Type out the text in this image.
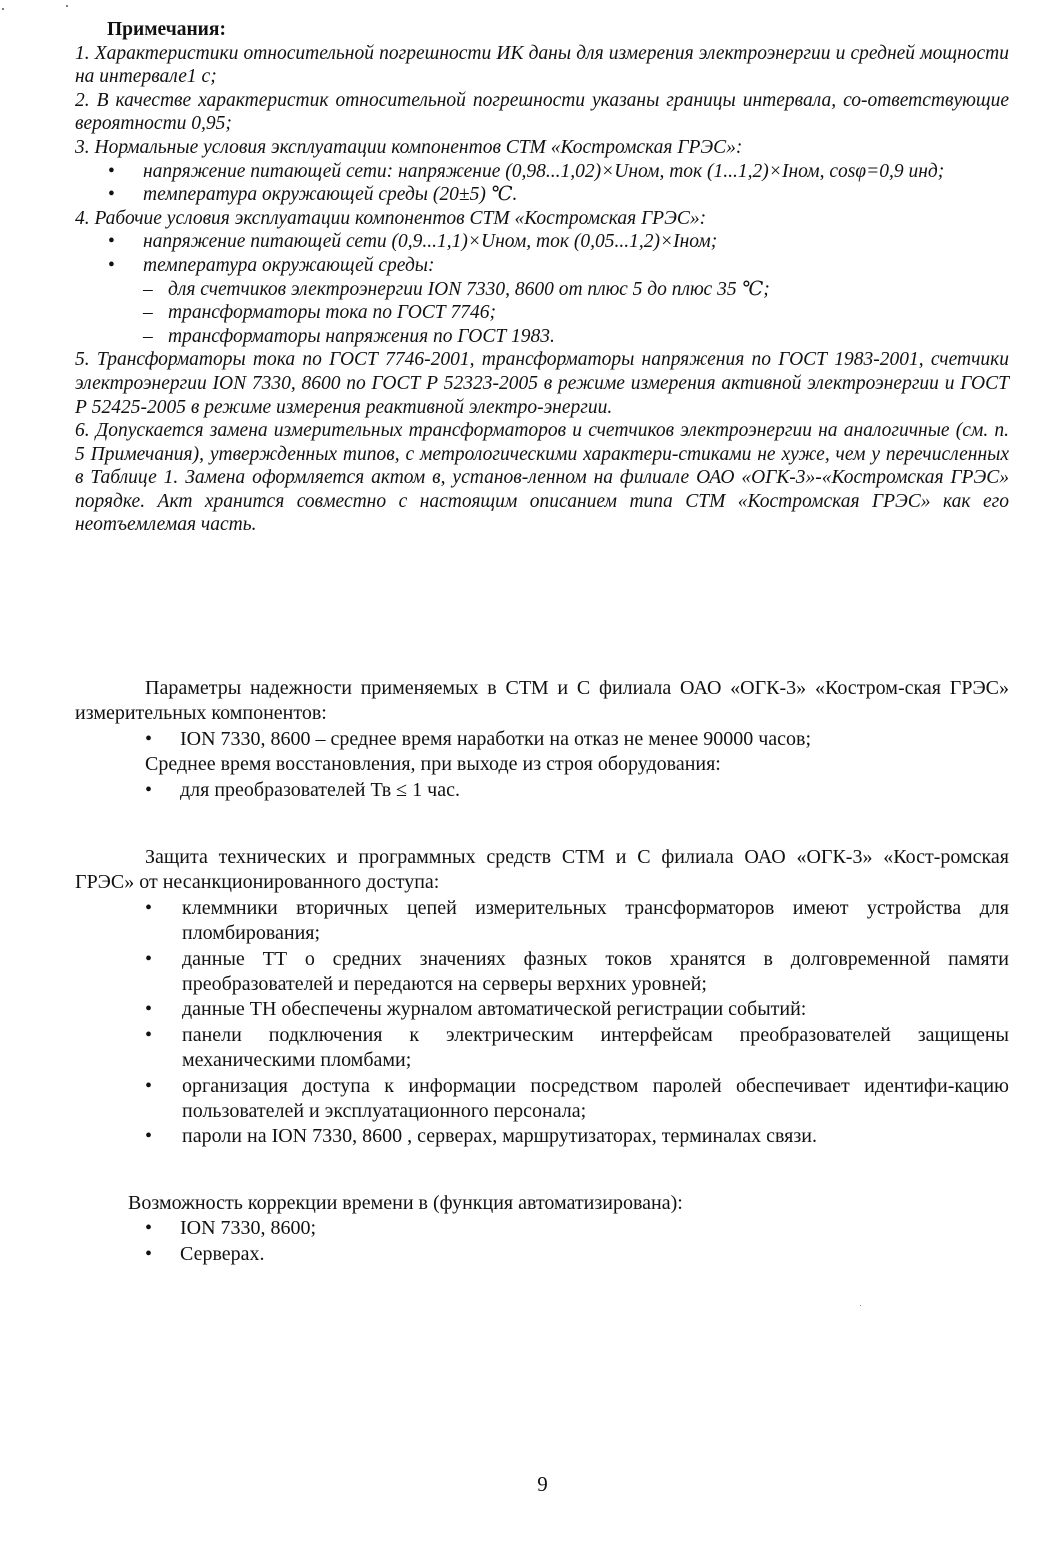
Примечания:

1. Характеристики относительной погрешности ИК даны для измерения электроэнергии и средней мощности на интервале1 с;

2. В качестве характеристик относительной погрешности указаны границы интервала, со-ответствующие вероятности 0,95;

3. Нормальные условия эксплуатации компонентов СТМ «Костромская ГРЭС»:

• напряжение питающей сети: напряжение (0,98...1,02)×Uном, ток (1...1,2)×Iном, cosφ=0,9 инд;
• температура окружающей среды (20±5) ℃.

4. Рабочие условия эксплуатации компонентов СТМ «Костромская ГРЭС»:

• напряжение питающей сети (0,9...1,1)×Uном, ток (0,05...1,2)×Iном;
• температура окружающей среды:
– для счетчиков электроэнергии ION 7330, 8600 от плюс 5 до плюс 35 ℃;
– трансформаторы тока по ГОСТ 7746;
– трансформаторы напряжения по ГОСТ 1983.

5. Трансформаторы тока по ГОСТ 7746-2001, трансформаторы напряжения по ГОСТ 1983-2001, счетчики электроэнергии ION 7330, 8600 по ГОСТ Р 52323-2005 в режиме измерения активной электроэнергии и ГОСТ Р 52425-2005 в режиме измерения реактивной электро-энергии.

6. Допускается замена измерительных трансформаторов и счетчиков электроэнергии на аналогичные (см. п. 5 Примечания), утвержденных типов, с метрологическими характери-стиками не хуже, чем у перечисленных в Таблице 1. Замена оформляется актом в, установ-ленном на филиале ОАО «ОГК-3»-«Костромская ГРЭС» порядке. Акт хранится совместно с настоящим описанием типа СТМ «Костромская ГРЭС» как его неотъемлемая часть.

Параметры надежности применяемых в СТМ и С филиала ОАО «ОГК-3» «Костром-ская ГРЭС» измерительных компонентов:

• ION 7330, 8600 – среднее время наработки на отказ не менее 90000 часов;

Среднее время восстановления, при выходе из строя оборудования:

• для преобразователей Тв ≤ 1 час.

Защита технических и программных средств СТМ и С филиала ОАО «ОГК-3» «Кост-ромская ГРЭС» от несанкционированного доступа:

• клеммники вторичных цепей измерительных трансформаторов имеют устройства для пломбирования;
• данные ТТ о средних значениях фазных токов хранятся в долговременной памяти преобразователей и передаются на серверы верхних уровней;
• данные ТН обеспечены журналом автоматической регистрации событий:
• панели подключения к электрическим интерфейсам преобразователей защищены механическими пломбами;
• организация доступа к информации посредством паролей обеспечивает идентифи-кацию пользователей и эксплуатационного персонала;
• пароли на ION 7330, 8600 , серверах, маршрутизаторах, терминалах связи.

Возможность коррекции времени в (функция автоматизирована):

• ION 7330, 8600;
• Серверах.
9
